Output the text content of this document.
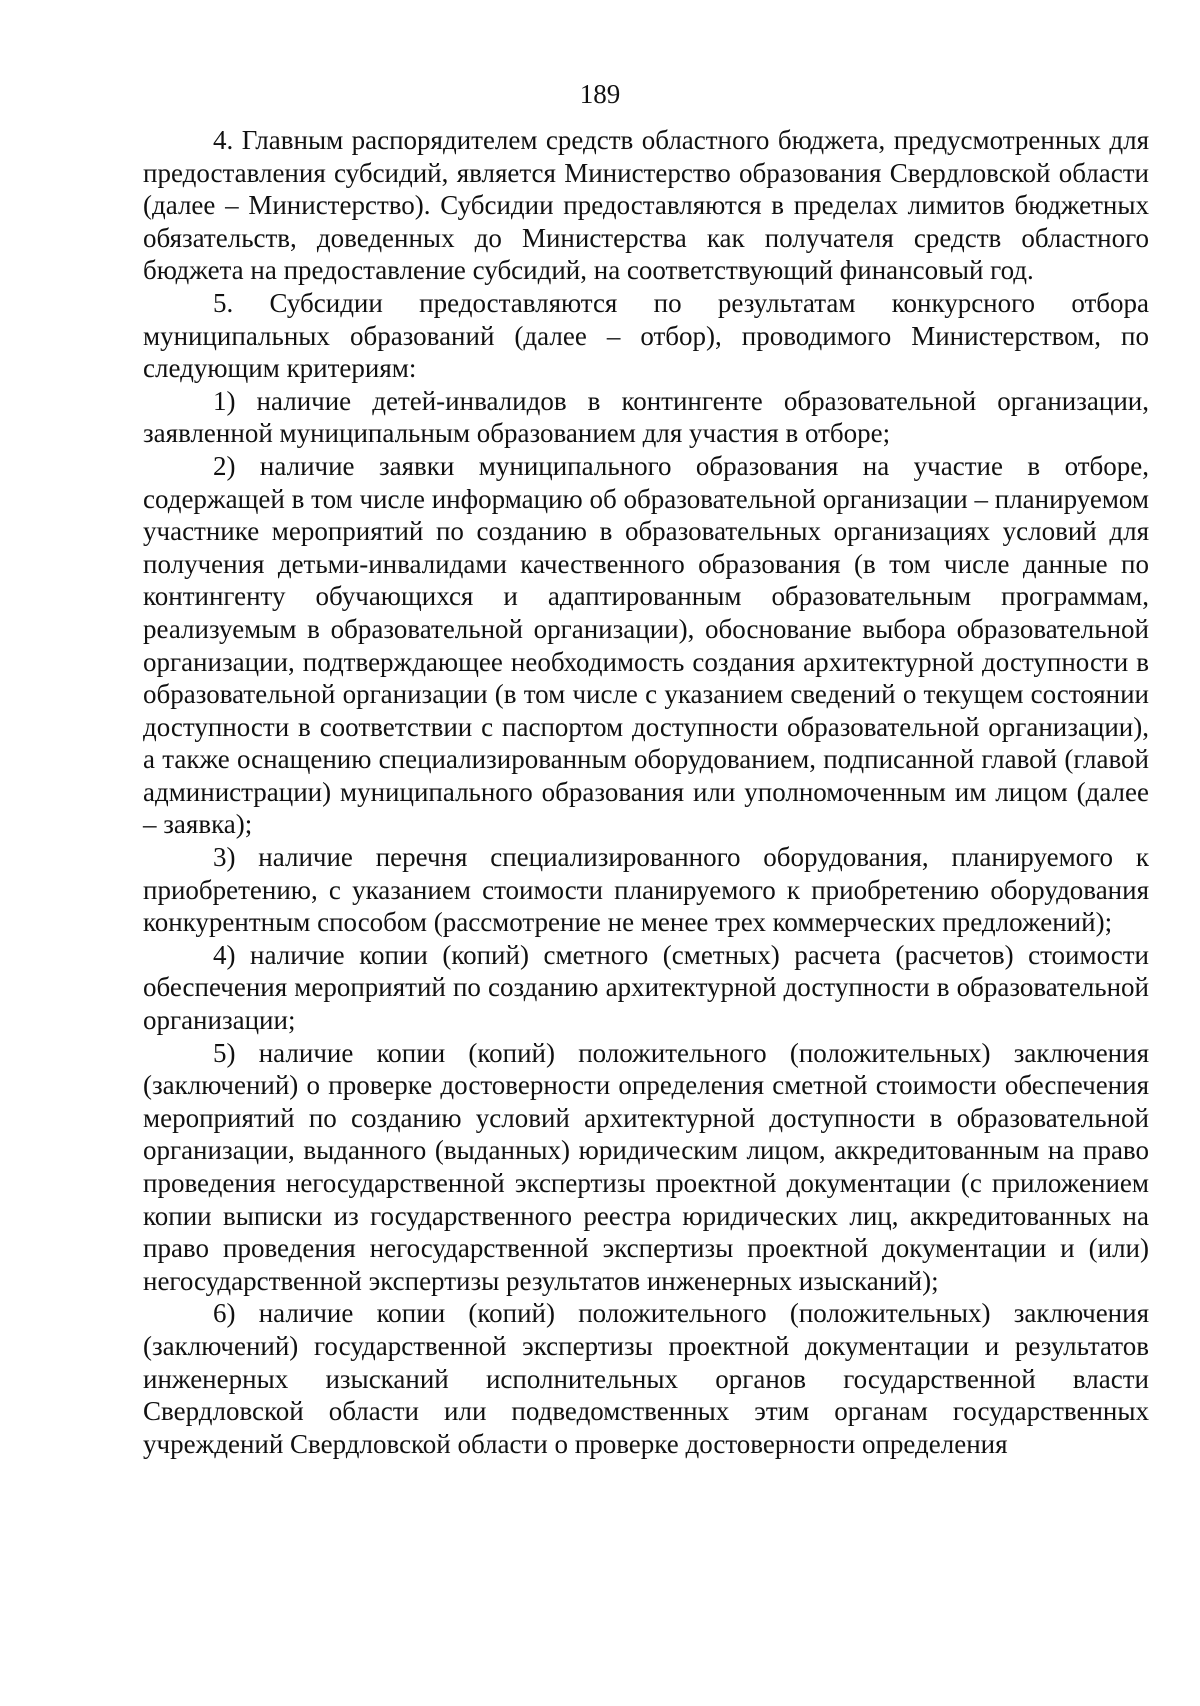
189

4. Главным распорядителем средств областного бюджета, предусмотренных для предоставления субсидий, является Министерство образования Свердловской области (далее – Министерство). Субсидии предоставляются в пределах лимитов бюджетных обязательств, доведенных до Министерства как получателя средств областного бюджета на предоставление субсидий, на соответствующий финансовый год.

5. Субсидии предоставляются по результатам конкурсного отбора муниципальных образований (далее – отбор), проводимого Министерством, по следующим критериям:

1) наличие детей-инвалидов в контингенте образовательной организации, заявленной муниципальным образованием для участия в отборе;

2) наличие заявки муниципального образования на участие в отборе, содержащей в том числе информацию об образовательной организации – планируемом участнике мероприятий по созданию в образовательных организациях условий для получения детьми-инвалидами качественного образования (в том числе данные по контингенту обучающихся и адаптированным образовательным программам, реализуемым в образовательной организации), обоснование выбора образовательной организации, подтверждающее необходимость создания архитектурной доступности в образовательной организации (в том числе с указанием сведений о текущем состоянии доступности в соответствии с паспортом доступности образовательной организации), а также оснащению специализированным оборудованием, подписанной главой (главой администрации) муниципального образования или уполномоченным им лицом (далее – заявка);

3) наличие перечня специализированного оборудования, планируемого к приобретению, с указанием стоимости планируемого к приобретению оборудования конкурентным способом (рассмотрение не менее трех коммерческих предложений);

4) наличие копии (копий) сметного (сметных) расчета (расчетов) стоимости обеспечения мероприятий по созданию архитектурной доступности в образовательной организации;

5) наличие копии (копий) положительного (положительных) заключения (заключений) о проверке достоверности определения сметной стоимости обеспечения мероприятий по созданию условий архитектурной доступности в образовательной организации, выданного (выданных) юридическим лицом, аккредитованным на право проведения негосударственной экспертизы проектной документации (с приложением копии выписки из государственного реестра юридических лиц, аккредитованных на право проведения негосударственной экспертизы проектной документации и (или) негосударственной экспертизы результатов инженерных изысканий);

6) наличие копии (копий) положительного (положительных) заключения (заключений) государственной экспертизы проектной документации и результатов инженерных изысканий исполнительных органов государственной власти Свердловской области или подведомственных этим органам государственных учреждений Свердловской области о проверке достоверности определения
